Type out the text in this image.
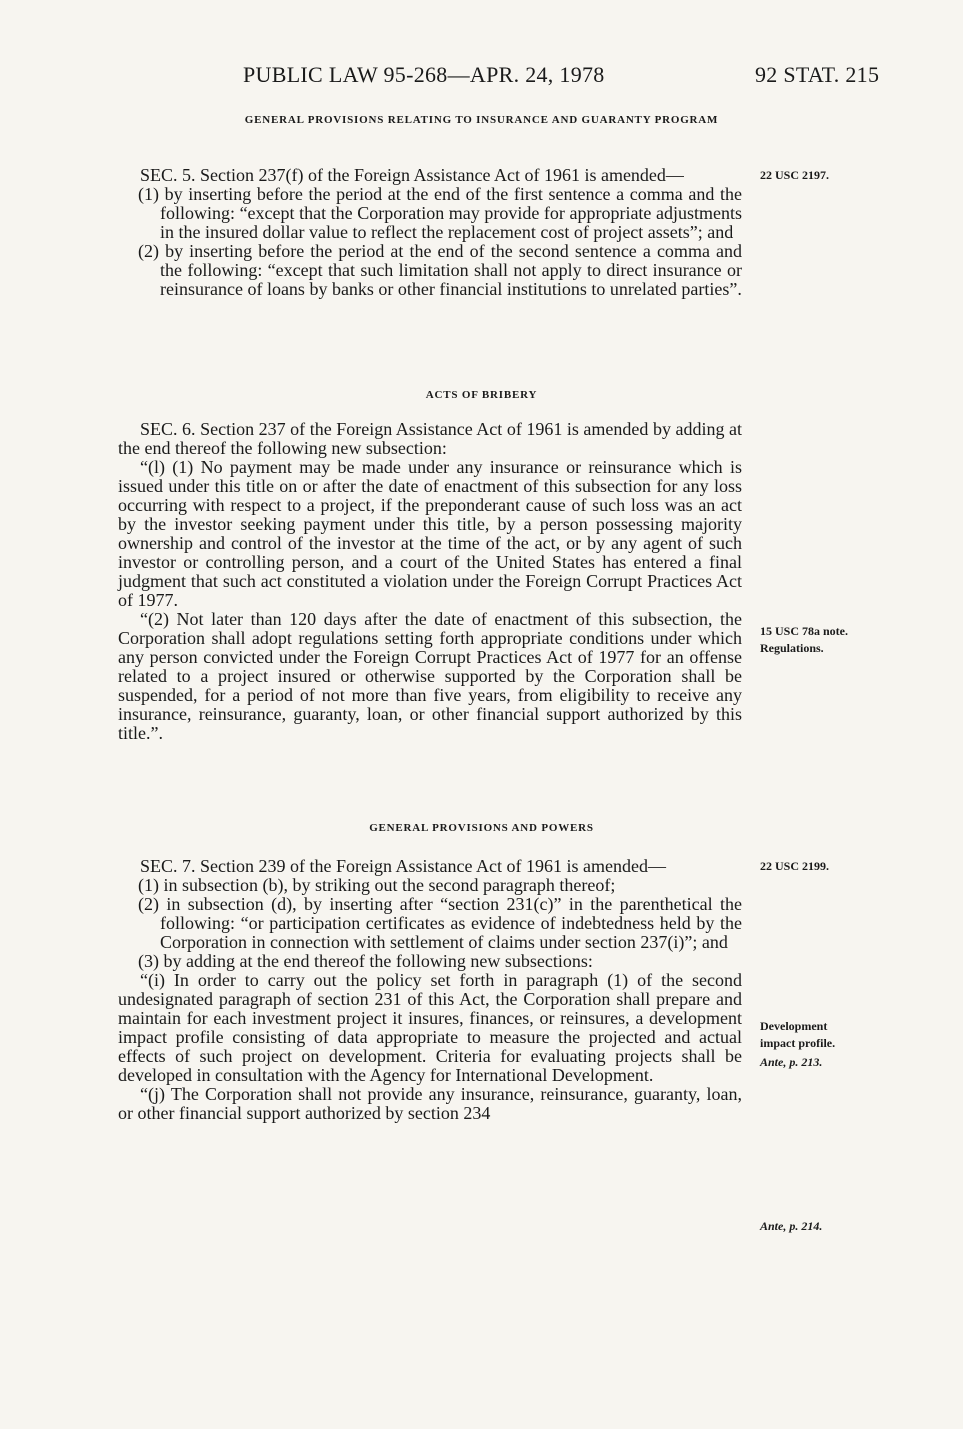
PUBLIC LAW 95-268—APR. 24, 1978	92 STAT. 215
GENERAL PROVISIONS RELATING TO INSURANCE AND GUARANTY PROGRAM

SEC. 5. Section 237(f) of the Foreign Assistance Act of 1961 is amended—

(1) by inserting before the period at the end of the first sentence a comma and the following: “except that the Corporation may provide for appropriate adjustments in the insured dollar value to reflect the replacement cost of project assets”; and

(2) by inserting before the period at the end of the second sentence a comma and the following: “except that such limitation shall not apply to direct insurance or reinsurance of loans by banks or other financial institutions to unrelated parties”.

ACTS OF BRIBERY

SEC. 6. Section 237 of the Foreign Assistance Act of 1961 is amended by adding at the end thereof the following new subsection:

“(l) (1) No payment may be made under any insurance or reinsurance which is issued under this title on or after the date of enactment of this subsection for any loss occurring with respect to a project, if the preponderant cause of such loss was an act by the investor seeking payment under this title, by a person possessing majority ownership and control of the investor at the time of the act, or by any agent of such investor or controlling person, and a court of the United States has entered a final judgment that such act constituted a violation under the Foreign Corrupt Practices Act of 1977.

“(2) Not later than 120 days after the date of enactment of this subsection, the Corporation shall adopt regulations setting forth appropriate conditions under which any person convicted under the Foreign Corrupt Practices Act of 1977 for an offense related to a project insured or otherwise supported by the Corporation shall be suspended, for a period of not more than five years, from eligibility to receive any insurance, reinsurance, guaranty, loan, or other financial support authorized by this title.”.

GENERAL PROVISIONS AND POWERS

SEC. 7. Section 239 of the Foreign Assistance Act of 1961 is amended—

(1) in subsection (b), by striking out the second paragraph thereof;

(2) in subsection (d), by inserting after “section 231(c)” in the parenthetical the following: “or participation certificates as evidence of indebtedness held by the Corporation in connection with settlement of claims under section 237(i)”; and

(3) by adding at the end thereof the following new subsections:

“(i) In order to carry out the policy set forth in paragraph (1) of the second undesignated paragraph of section 231 of this Act, the Corporation shall prepare and maintain for each investment project it insures, finances, or reinsures, a development impact profile consisting of data appropriate to measure the projected and actual effects of such project on development. Criteria for evaluating projects shall be developed in consultation with the Agency for International Development.

“(j) The Corporation shall not provide any insurance, reinsurance, guaranty, loan, or other financial support authorized by section 234

22 USC 2197.
15 USC 78a note.
Regulations.
22 USC 2199.
Development
impact profile.
Ante, p. 213.
Ante, p. 214.
